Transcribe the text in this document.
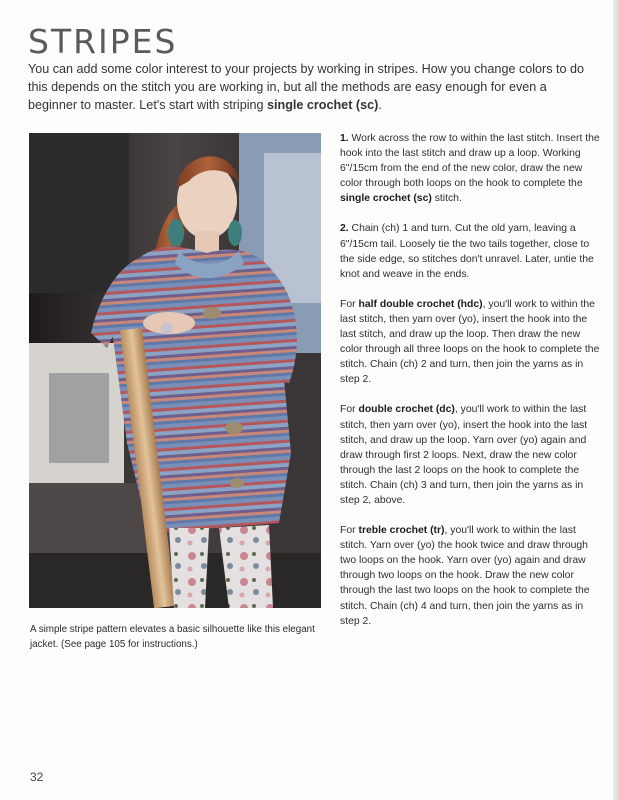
STRIPES
You can add some color interest to your projects by working in stripes. How you change colors to do this depends on the stitch you are working in, but all the methods are easy enough for even a beginner to master. Let's start with striping single crochet (sc).
A simple stripe pattern elevates a basic silhouette like this elegant jacket. (See page 105 for instructions.)

1. Work across the row to within the last stitch. Insert the hook into the last stitch and draw up a loop. Working 6"/15cm from the end of the new color, draw the new color through both loops on the hook to complete the single crochet (sc) stitch.

2. Chain (ch) 1 and turn. Cut the old yarn, leaving a 6"/15cm tail. Loosely tie the two tails together, close to the side edge, so stitches don't unravel. Later, untie the knot and weave in the ends.

For half double crochet (hdc), you'll work to within the last stitch, then yarn over (yo), insert the hook into the last stitch, and draw up the loop. Then draw the new color through all three loops on the hook to complete the stitch. Chain (ch) 2 and turn, then join the yarns as in step 2.

For double crochet (dc), you'll work to within the last stitch, then yarn over (yo), insert the hook into the last stitch, and draw up the loop. Yarn over (yo) again and draw through first 2 loops. Next, draw the new color through the last 2 loops on the hook to complete the stitch. Chain (ch) 3 and turn, then join the yarns as in step 2, above.

For treble crochet (tr), you'll work to within the last stitch. Yarn over (yo) the hook twice and draw through two loops on the hook. Yarn over (yo) again and draw through two loops on the hook. Draw the new color through the last two loops on the hook to complete the stitch. Chain (ch) 4 and turn, then join the yarns as in step 2.

32
